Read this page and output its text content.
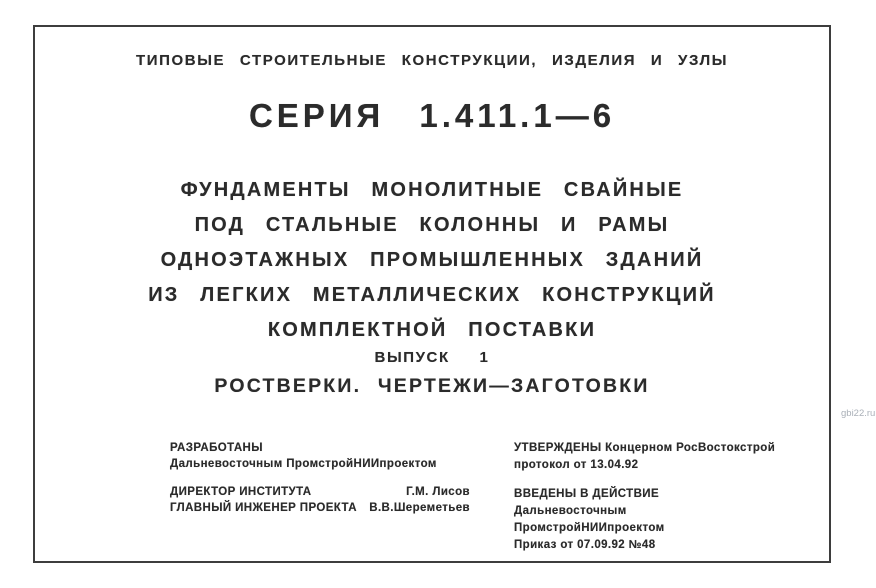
ТИПОВЫЕ СТРОИТЕЛЬНЫЕ КОНСТРУКЦИИ, ИЗДЕЛИЯ И УЗЛЫ
СЕРИЯ 1.411.1—6
ФУНДАМЕНТЫ МОНОЛИТНЫЕ СВАЙНЫЕ
ПОД СТАЛЬНЫЕ КОЛОННЫ И РАМЫ
ОДНОЭТАЖНЫХ ПРОМЫШЛЕННЫХ ЗДАНИЙ
ИЗ ЛЕГКИХ МЕТАЛЛИЧЕСКИХ КОНСТРУКЦИЙ
КОМПЛЕКТНОЙ ПОСТАВКИ
ВЫПУСК 1
РОСТВЕРКИ. ЧЕРТЕЖИ—ЗАГОТОВКИ
РАЗРАБОТАНЫ
Дальневосточным ПромстройНИИпроектом
ДИРЕКТОР ИНСТИТУТА	Г.М. Лисов
ГЛАВНЫЙ ИНЖЕНЕР ПРОЕКТА В.В.Шереметьев
УТВЕРЖДЕНЫ Концерном РосВостокстрой
протокол от 13.04.92
ВВЕДЕНЫ В ДЕЙСТВИЕ
Дальневосточным ПромстройНИИпроектом
Приказ от 07.09.92 №48
gbi22.ru
